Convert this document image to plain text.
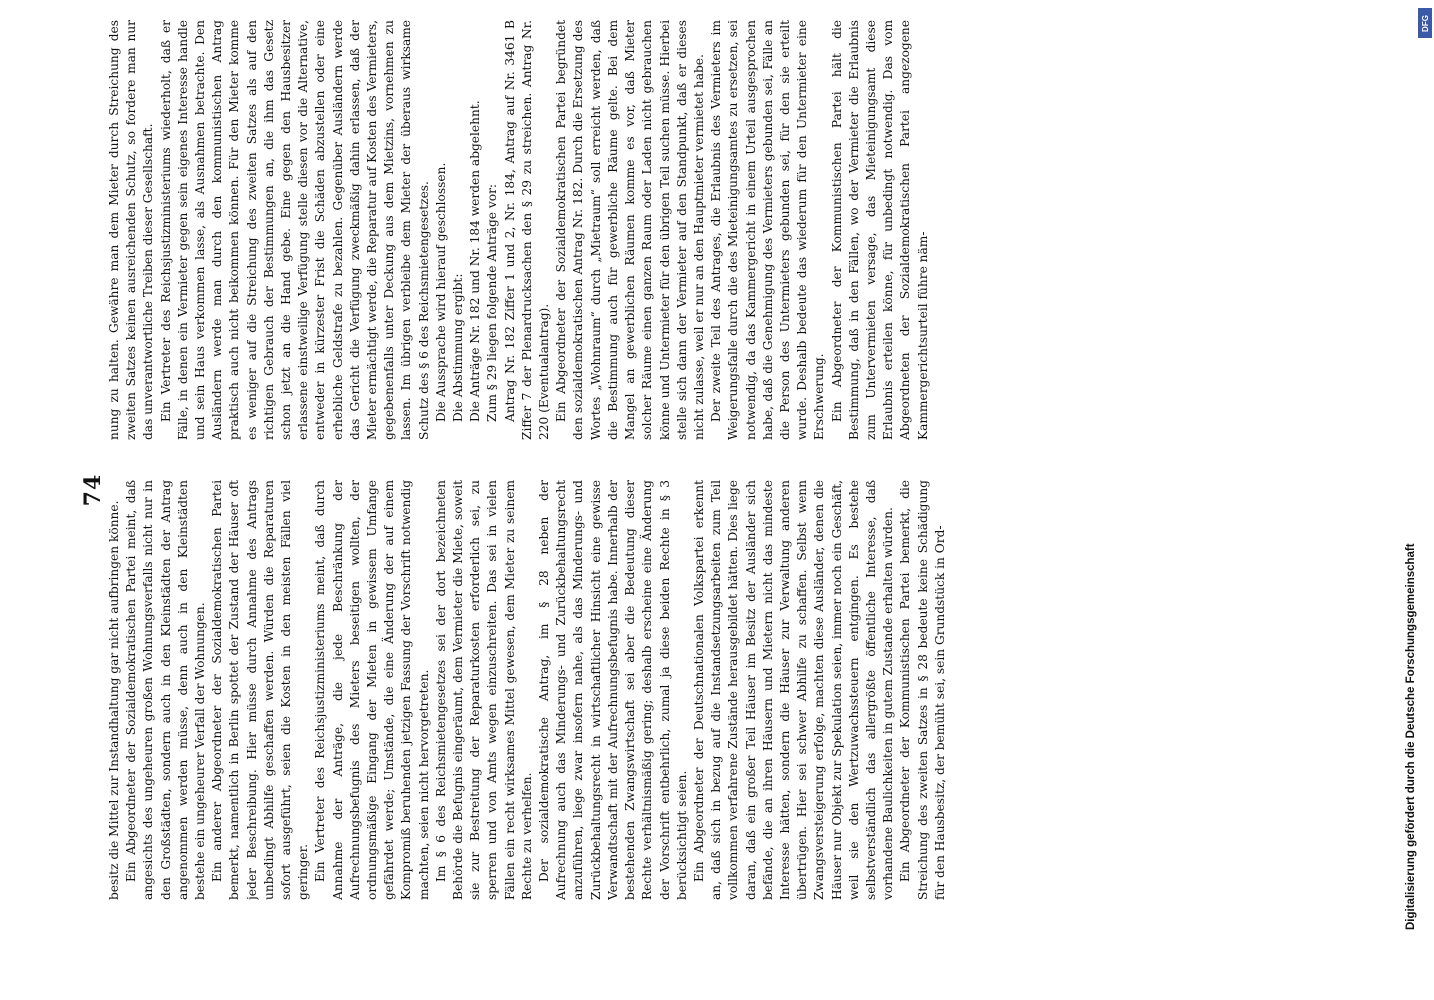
74

besitz die Mittel zur Instandhaltung gar nicht aufbringen könne. Ein Abgeordneter der Sozialdemokratischen Partei meint, daß angesichts des ungeheuren großen Wohnungsverfalls nicht nur in den Großstädten, sondern auch in den Kleinstädten der Antrag angenommen werden müsse, denn auch in den Kleinstädten bestehe ein ungeheurer Verfall der Wohnungen. Ein anderer Abgeordneter der Sozialdemokratischen Partei bemerkt, namentlich in Berlin spottet der Zustand der Häuser oft jeder Beschreibung. Hier müsse durch Annahme des Antrags unbedingt Abhilfe geschaffen werden. Würden die Reparaturen sofort ausgeführt, seien die Kosten in den meisten Fällen viel geringer. Ein Vertreter des Reichsjustizministeriums meint, daß durch Annahme der Anträge, die jede Beschränkung der Aufrechnungsbefugnis des Mieters beseitigen wollten, der ordnungsmäßige Eingang der Mieten in gewissem Umfange gefährdet werde; Umstände, die eine Änderung der auf einem Kompromiß beruhenden jetzigen Fassung der Vorschrift notwendig machten, seien nicht hervorgetreten. Im § 6 des Reichsmietengesetzes sei der dort bezeichneten Behörde die Befugnis eingeräumt, dem Vermieter die Miete, soweit sie zur Bestreitung der Reparaturkosten erforderlich sei, zu sperren und von Amts wegen einzuschreiten. Das sei in vielen Fällen ein recht wirksames Mittel gewesen, dem Mieter zu seinem Rechte zu verhelfen. Der sozialdemokratische Antrag, im § 28 neben der Aufrechnung auch das Minderungs- und Zurückbehaltungsrecht anzuführen, liege zwar insofern nahe, als das Minderungs- und Zurückbehaltungsrecht in wirtschaftlicher Hinsicht eine gewisse Verwandtschaft mit der Aufrechnungsbefugnis habe. Innerhalb der bestehenden Zwangswirtschaft sei aber die Bedeutung dieser Rechte verhältnismäßig gering; deshalb erscheine eine Änderung der Vorschrift entbehrlich, zumal ja diese beiden Rechte in § 3 berücksichtigt seien. Ein Abgeordneter der Deutschnationalen Volkspartei erkennt an, daß sich in bezug auf die Instandsetzungsarbeiten zum Teil vollkommen verfahrene Zustände herausgebildet hätten. Dies liege daran, daß ein großer Teil Häuser im Besitz der Ausländer sich befände, die an ihren Häusern und Mietern nicht das mindeste Interesse hätten, sondern die Häuser zur Verwaltung anderen übertrügen. Hier sei schwer Abhilfe zu schaffen. Selbst wenn Zwangsversteigerung erfolge, machten diese Ausländer, denen die Häuser nur Objekt zur Spekulation seien, immer noch ein Geschäft, weil sie den Wertzuwachssteuern entgingen. Es bestehe selbstverständlich das allergrößte öffentliche Interesse, daß vorhandene Baulichkeiten in gutem Zustande erhalten würden. Ein Abgeordneter der Kommunistischen Partei bemerkt, die Streichung des zweiten Satzes in § 28 bedeute keine Schädigung für den Hausbesitz, der bemüht sei, sein Grundstück in Ord-

nung zu halten. Gewähre man dem Mieter durch Streichung des zweiten Satzes keinen ausreichenden Schutz, so fordere man nur das unverantwortliche Treiben dieser Gesellschaft. Ein Vertreter des Reichsjustizministeriums wiederholt, daß er Fälle, in denen ein Vermieter gegen sein eigenes Interesse handle und sein Haus verkommen lasse, als Ausnahmen betrachte. Den Ausländern werde man durch den kommunistischen Antrag praktisch auch nicht beikommen können. Für den Mieter komme es weniger auf die Streichung des zweiten Satzes als auf den richtigen Gebrauch der Bestimmungen an, die ihm das Gesetz schon jetzt an die Hand gebe. Eine gegen den Hausbesitzer erlassene einstweilige Verfügung stelle diesen vor die Alternative, entweder in kürzester Frist die Schäden abzustellen oder eine erhebliche Geldstrafe zu bezahlen. Gegenüber Ausländern werde das Gericht die Verfügung zweckmäßig dahin erlassen, daß der Mieter ermächtigt werde, die Reparatur auf Kosten des Vermieters, gegebenenfalls unter Deckung aus dem Mietzins, vornehmen zu lassen. Im übrigen verbleibe dem Mieter der überaus wirksame Schutz des § 6 des Reichsmietengesetzes. Die Aussprache wird hierauf geschlossen. Die Abstimmung ergibt: Die Anträge Nr. 182 und Nr. 184 werden abgelehnt. Zum § 29 liegen folgende Anträge vor: Antrag Nr. 182 Ziffer 1 und 2, Nr. 184, Antrag auf Nr. 3461 B Ziffer 7 der Plenardrucksachen den § 29 zu streichen. Antrag Nr. 220 (Eventualantrag). Ein Abgeordneter der Sozialdemokratischen Partei begründet den sozialdemokratischen Antrag Nr. 182. Durch die Ersetzung des Wortes „Wohnraum“ durch „Mietraum“ soll erreicht werden, daß die Bestimmung auch für gewerbliche Räume gelte. Bei dem Mangel an gewerblichen Räumen komme es vor, daß Mieter solcher Räume einen ganzen Raum oder Laden nicht gebrauchen könne und Untermieter für den übrigen Teil suchen müsse. Hierbei stelle sich dann der Vermieter auf den Standpunkt, daß er dieses nicht zulasse, weil er nur an den Hauptmieter vermietet habe. Der zweite Teil des Antrages, die Erlaubnis des Vermieters im Weigerungsfalle durch die des Mieteinigungsamtes zu ersetzen, sei notwendig, da das Kammergericht in einem Urteil ausgesprochen habe, daß die Genehmigung des Vermieters gebunden sei, Fälle an die Person des Untermieters gebunden sei, für den sie erteilt wurde. Deshalb bedeute das wiederum für den Untermieter eine Erschwerung. Ein Abgeordneter der Kommunistischen Partei hält die Bestimmung, daß in den Fällen, wo der Vermieter die Erlaubnis zum Untervermieten versage, das Mieteinigungsamt diese Erlaubnis erteilen könne, für unbedingt notwendig. Das vom Abgeordneten der Sozialdemokratischen Partei angezogene Kammergerichtsurteil führe näm-

DFG
Digitalisierung gefördert durch die Deutsche Forschungsgemeinschaft
